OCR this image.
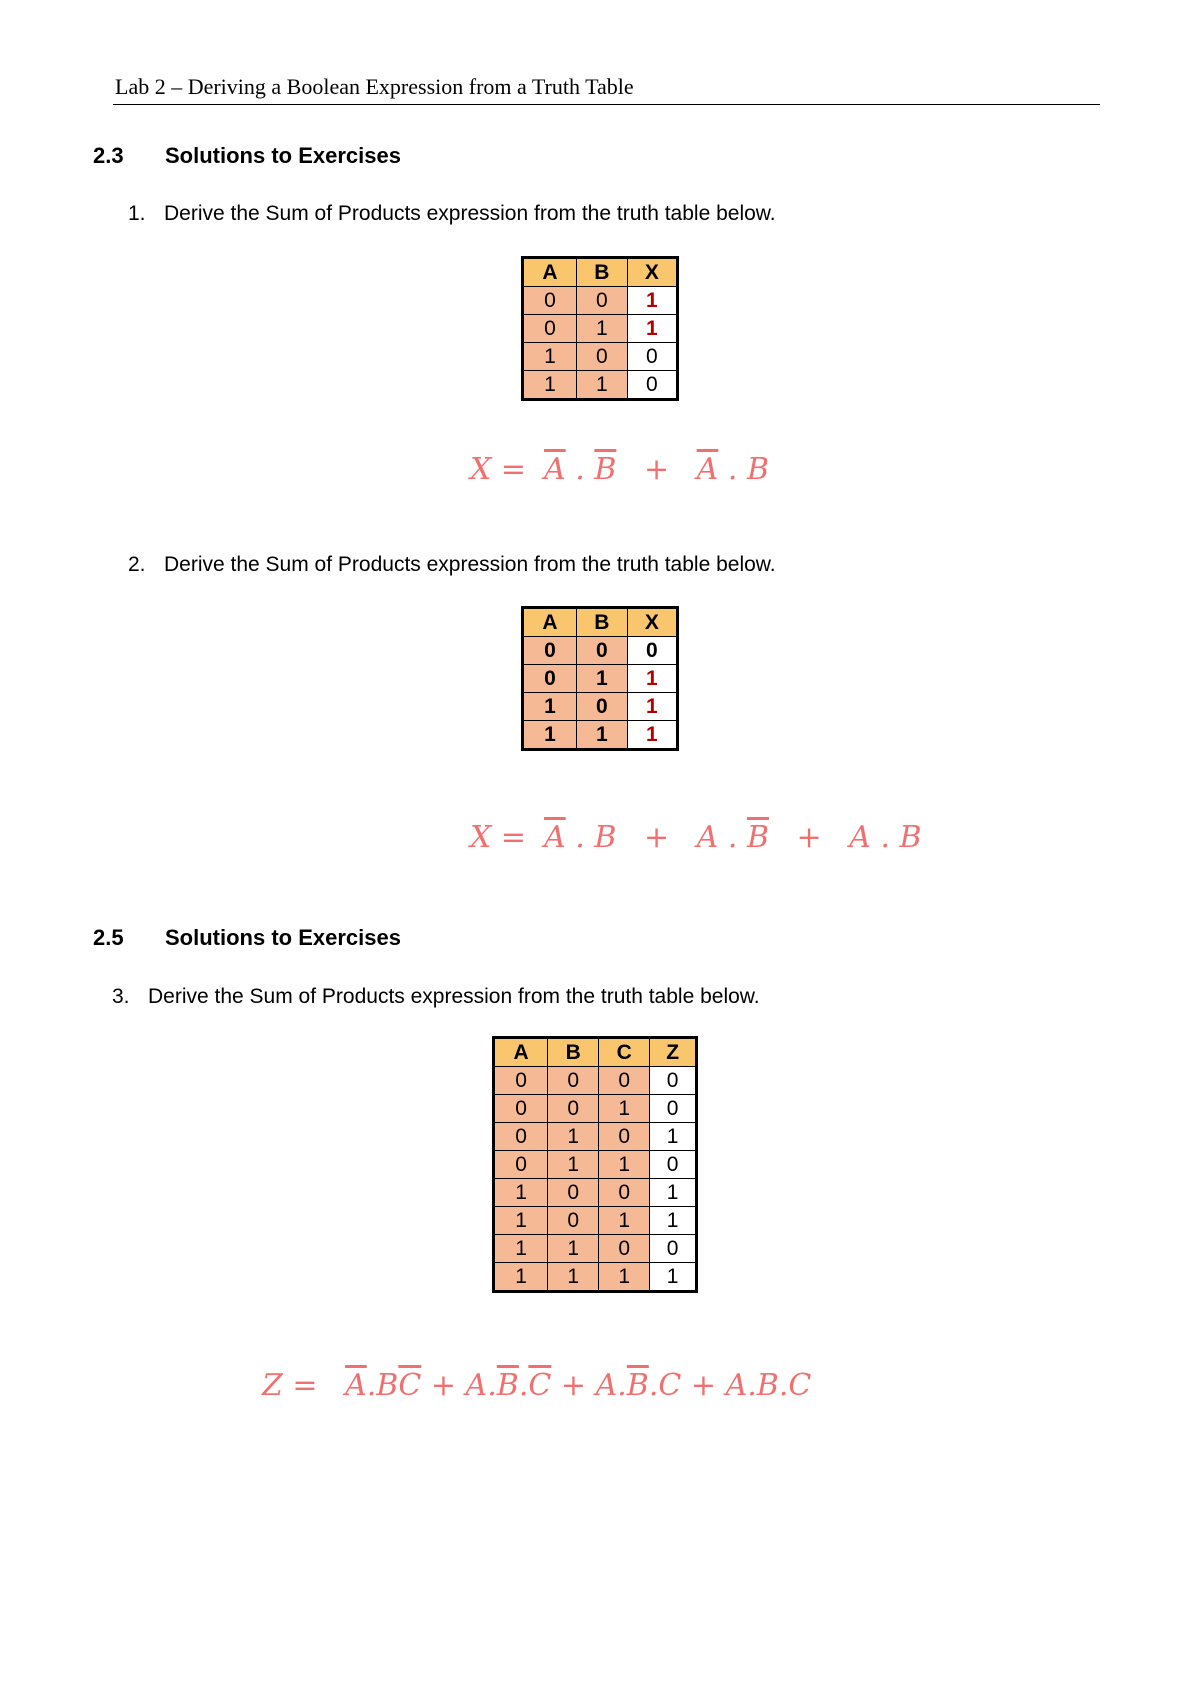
Lab 2 – Deriving a Boolean Expression from a Truth Table
2.3 Solutions to Exercises
1. Derive the Sum of Products expression from the truth table below.
A	B	X
0	0	1
0	1	1
1	0	0
1	1	0
$X = \overline{A}$ . $\overline{B} + \overline{A}$ . B
2. Derive the Sum of Products expression from the truth table below.
A	B	X
0	0	0
0	1	1
1	0	1
1	1	1
$X = \overline{A}$ . B + A . $\overline{B} + A$ . B
2.5 Solutions to Exercises
3. Derive the Sum of Products expression from the truth table below.
A	B	C	Z
0	0	0	0
0	0	1	0
0	1	0	1
0	1	1	0
1	0	0	1
1	0	1	1
1	1	0	0
1	1	1	1
$Z = \overline{A}.B\overline{C} + A.\overline{B}.\overline{C} + A.\overline{B}.C + A.B.C$
